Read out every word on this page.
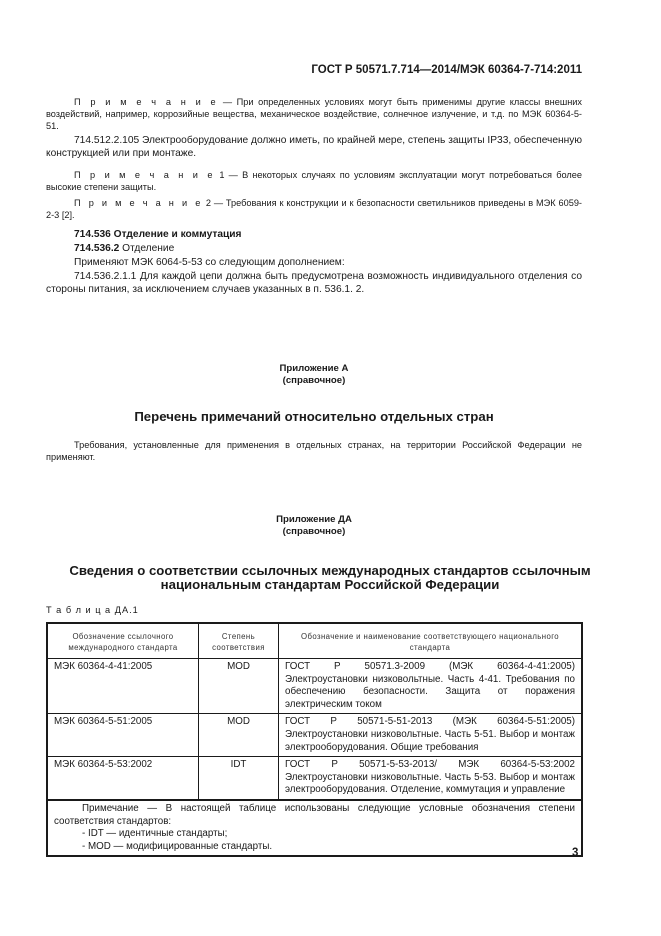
ГОСТ Р 50571.7.714—2014/МЭК 60364-7-714:2011
П р и м е ч а н и е — При определенных условиях могут быть применимы другие классы внешних воздействий, например, коррозийные вещества, механическое воздействие, солнечное излучение, и т.д. по МЭК 60364-5-51.
714.512.2.105 Электрооборудование должно иметь, по крайней мере, степень защиты IP33, обеспеченную конструкцией или при монтаже.
П р и м е ч а н и е 1 — В некоторых случаях по условиям эксплуатации могут потребоваться более высокие степени защиты.
П р и м е ч а н и е 2 — Требования к конструкции и к безопасности светильников приведены в МЭК 6059-2-3 [2].
714.536 Отделение и коммутация
714.536.2 Отделение
Применяют МЭК 6064-5-53 со следующим дополнением:
714.536.2.1.1 Для каждой цепи должна быть предусмотрена возможность индивидуального отделения со стороны питания, за исключением случаев указанных в п. 536.1. 2.
Приложение А
(справочное)
Перечень примечаний относительно отдельных стран
Требования, установленные для применения в отдельных странах, на территории Российской Федерации не применяют.
Приложение ДА
(справочное)
Сведения о соответствии ссылочных международных стандартов ссылочным
национальным стандартам Российской Федерации
Т а б л и ц а ДА.1
Обозначение ссылочного международного стандарта	Степень соответствия	Обозначение и наименование соответствующего национального стандарта
МЭК 60364-4-41:2005	MOD	ГОСТ Р 50571.3-2009 (МЭК 60364-4-41:2005) Электроустановки низковольтные. Часть 4-41. Требования по обеспечению безопасности. Защита от поражения электрическим током
МЭК 60364-5-51:2005	MOD	ГОСТ Р 50571-5-51-2013 (МЭК 60364-5-51:2005) Электроустановки низковольтные. Часть 5-51. Выбор и монтаж электрооборудования. Общие требования
МЭК 60364-5-53:2002	IDT	ГОСТ Р 50571-5-53-2013/ МЭК 60364-5-53:2002 Электроустановки низковольтные. Часть 5-53. Выбор и монтаж электрооборудования. Отделение, коммутация и управление

Примечание — В настоящей таблице использованы следующие условные обозначения степени соответствия стандартов:
- IDT — идентичные стандарты;
- MOD — модифицированные стандарты.		
3
